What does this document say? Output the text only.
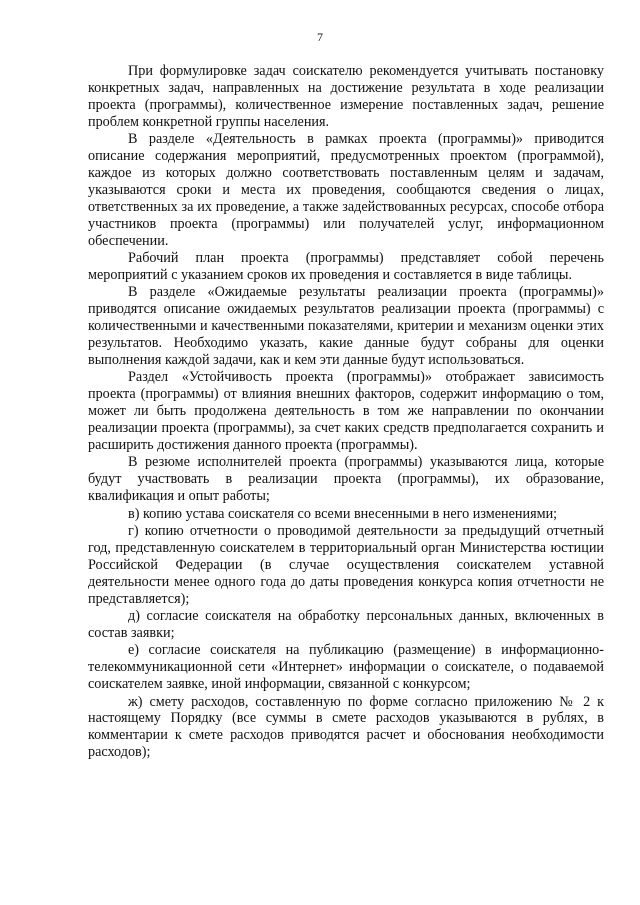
7

При формулировке задач соискателю рекомендуется учитывать постановку конкретных задач, направленных на достижение результата в ходе реализации проекта (программы), количественное измерение поставленных задач, решение проблем конкретной группы населения.

В разделе «Деятельность в рамках проекта (программы)» приводится описание содержания мероприятий, предусмотренных проектом (программой), каждое из которых должно соответствовать поставленным целям и задачам, указываются сроки и места их проведения, сообщаются сведения о лицах, ответственных за их проведение, а также задействованных ресурсах, способе отбора участников проекта (программы) или получателей услуг, информационном обеспечении.

Рабочий план проекта (программы) представляет собой перечень мероприятий с указанием сроков их проведения и составляется в виде таблицы.

В разделе «Ожидаемые результаты реализации проекта (программы)» приводятся описание ожидаемых результатов реализации проекта (программы) с количественными и качественными показателями, критерии и механизм оценки этих результатов. Необходимо указать, какие данные будут собраны для оценки выполнения каждой задачи, как и кем эти данные будут использоваться.

Раздел «Устойчивость проекта (программы)» отображает зависимость проекта (программы) от влияния внешних факторов, содержит информацию о том, может ли быть продолжена деятельность в том же направлении по окончании реализации проекта (программы), за счет каких средств предполагается сохранить и расширить достижения данного проекта (программы).

В резюме исполнителей проекта (программы) указываются лица, которые будут участвовать в реализации проекта (программы), их образование, квалификация и опыт работы;

в) копию устава соискателя со всеми внесенными в него изменениями;

г) копию отчетности о проводимой деятельности за предыдущий отчетный год, представленную соискателем в территориальный орган Министерства юстиции Российской Федерации (в случае осуществления соискателем уставной деятельности менее одного года до даты проведения конкурса копия отчетности не представляется);

д) согласие соискателя на обработку персональных данных, включенных в состав заявки;

е) согласие соискателя на публикацию (размещение) в информационно-телекоммуникационной сети «Интернет» информации о соискателе, о подаваемой соискателем заявке, иной информации, связанной с конкурсом;

ж) смету расходов, составленную по форме согласно приложению № 2 к настоящему Порядку (все суммы в смете расходов указываются в рублях, в комментарии к смете расходов приводятся расчет и обоснования необходимости расходов);
